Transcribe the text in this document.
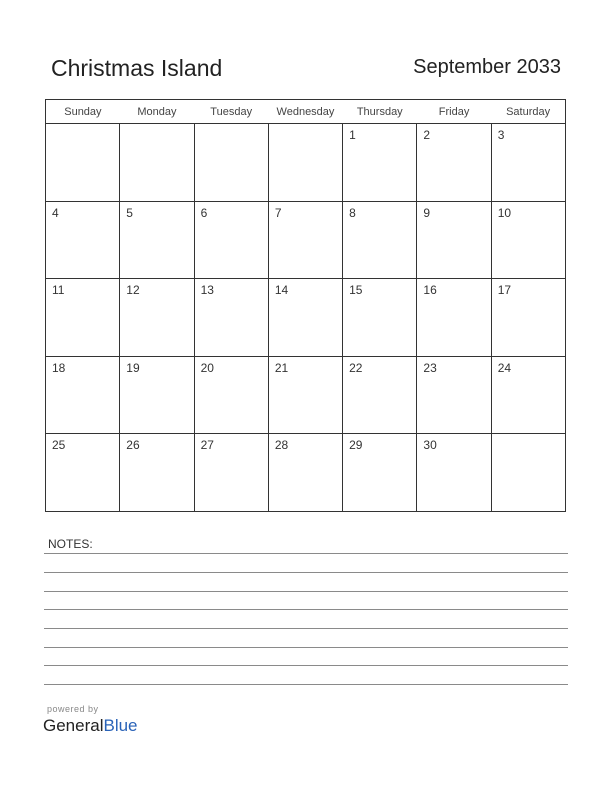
Christmas Island	September 2033
Sunday	Monday	Tuesday	Wednesday	Thursday	Friday	Saturday

				1	2	3

4	5	6	7	8	9	10

11	12	13	14	15	16	17

18	19	20	21	22	23	24

25	26	27	28	29	30	

NOTES:
powered by
GeneralBlue
